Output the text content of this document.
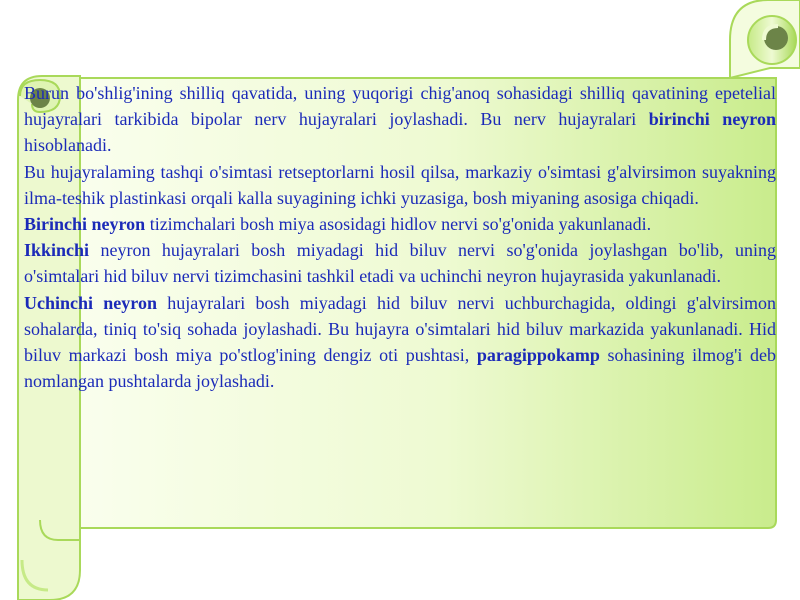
Burun bo'shlig'ining shilliq qavatida, uning yuqorigi chig'anoq sohasidagi shilliq qavatining epetelial hujayralari tarkibida bipolar nerv hujayralari joylashadi. Bu nerv hujayralari birinchi neyron hisoblanadi.

Bu hujayralaming tashqi o'simtasi retseptorlarni hosil qilsa, markaziy o'simtasi g'alvirsimon suyakning ilma-teshik plastinkasi orqali kalla suyagining ichki yuzasiga, bosh miyaning asosiga chiqadi.

Birinchi neyron tizimchalari bosh miya asosidagi hidlov nervi so'g'onida yakunlanadi.

Ikkinchi neyron hujayralari bosh miyadagi hid biluv nervi so'g'onida joylashgan bo'lib, uning o'simtalari hid biluv nervi tizimchasini tashkil etadi va uchinchi neyron hujayrasida yakunlanadi.

Uchinchi neyron hujayralari bosh miyadagi hid biluv nervi uchburchagida, oldingi g'alvirsimon sohalarda, tiniq to'siq sohada joylashadi. Bu hujayra o'simtalari hid biluv markazida yakunlanadi. Hid biluv markazi bosh miya po'stlog'ining dengiz oti pushtasi, paragippokamp sohasining ilmog'i deb nomlangan pushtalarda joylashadi.
